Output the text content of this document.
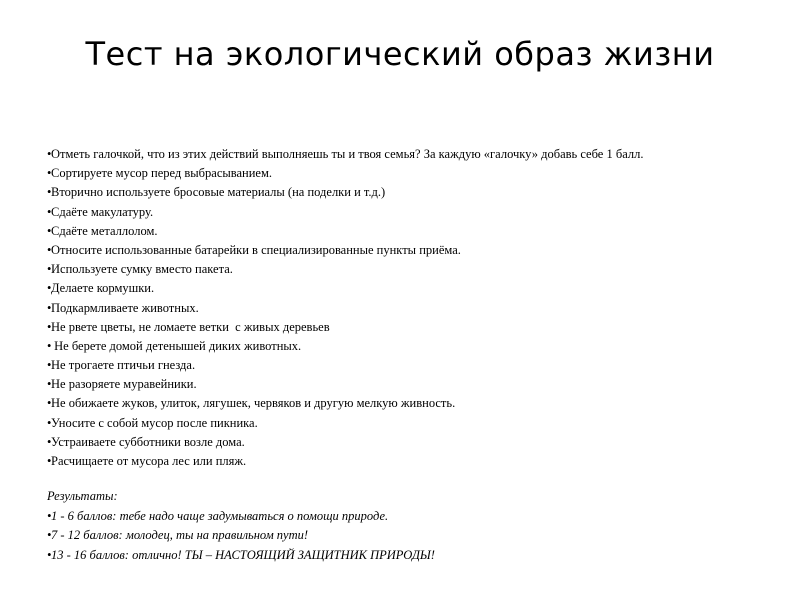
Тест на экологический образ жизни
•Отметь галочкой, что из этих действий выполняешь ты и твоя семья? За каждую «галочку» добавь себе 1 балл.
•Сортируете мусор перед выбрасыванием.
•Вторично используете бросовые материалы (на поделки и т.д.)
•Сдаёте макулатуру.
•Сдаёте металлолом.
•Относите использованные батарейки в специализированные пункты приёма.
•Используете сумку вместо пакета.
•Делаете кормушки.
•Подкармливаете животных.
•Не рвете цветы, не ломаете ветки  с живых деревьев
• Не берете домой детенышей диких животных.
•Не трогаете птичьи гнезда.
•Не разоряете муравейники.
•Не обижаете жуков, улиток, лягушек, червяков и другую мелкую живность.
•Уносите с собой мусор после пикника.
•Устраиваете субботники возле дома.
•Расчищаете от мусора лес или пляж.
Результаты:
•1 - 6 баллов: тебе надо чаще задумываться о помощи природе.
•7 - 12 баллов: молодец, ты на правильном пути!
•13 - 16 баллов: отлично! ТЫ – НАСТОЯЩИЙ ЗАЩИТНИК ПРИРОДЫ!
